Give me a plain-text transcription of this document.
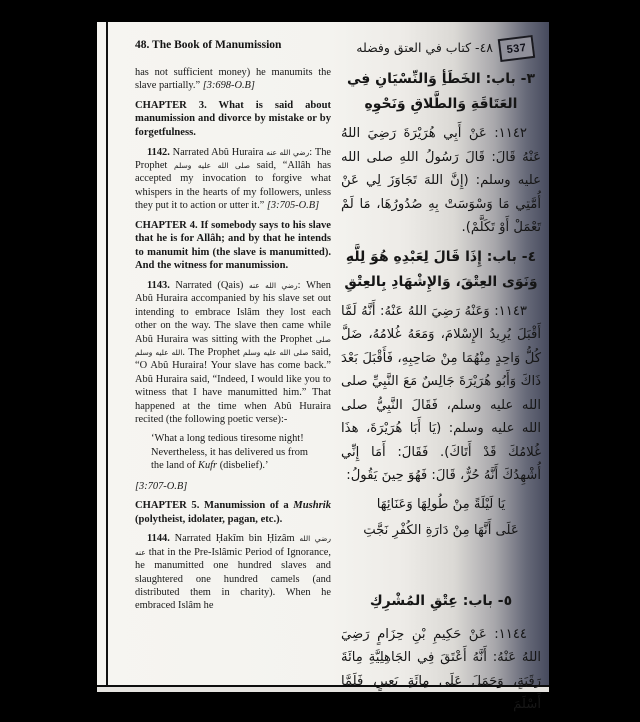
537
48. The Book of Manumission	٤٨- كتاب في العتق وفضله

has not sufficient money) he manumits the slave partially.” [3:698-O.B]

CHAPTER 3. What is said about manumission and divorce by mistake or by forgetfulness.

1142. Narrated Abû Huraira رضي الله عنه: The Prophet صلى الله عليه وسلم said, “Allâh has accepted my invocation to forgive what whispers in the hearts of my followers, unless they put it to action or utter it.” [3:705-O.B]

CHAPTER 4. If somebody says to his slave that he is for Allâh; and by that he intends to manumit him (the slave is manumitted). And the witness for manumission.

1143. Narrated (Qais) رضي الله عنه: When Abû Huraira accompanied by his slave set out intending to embrace Islâm they lost each other on the way. The slave then came while Abû Huraira was sitting with the Prophet صلى الله عليه وسلم. The Prophet صلى الله عليه وسلم said, “O Abû Huraira! Your slave has come back.” Abû Huraira said, “Indeed, I would like you to witness that I have manumitted him.” That happened at the time when Abû Huraira recited (the following poetic verse):-

‘What a long tedious tiresome night!
Nevertheless, it has delivered us from
the land of Kufr (disbelief).’

[3:707-O.B]

CHAPTER 5. Manumission of a Mushrik (polytheist, idolater, pagan, etc.).

1144. Narrated Ḥakîm bin Ḥizâm رضي الله عنه that in the Pre-Islâmic Period of Ignorance, he manumitted one hundred slaves and slaughtered one hundred camels (and distributed them in charity). When he embraced Islâm he

٣- باب: الخَطَأِ وَالنِّسْيَانِ فِي العَتَاقَةِ وَالطَّلاقِ وَنَحْوِهِ

١١٤٢: عَنْ أَبِي هُرَيْرَةَ رَضِيَ اللهُ عَنْهُ قَالَ: قَالَ رَسُولُ اللهِ صلى الله عليه وسلم: (إِنَّ اللهَ تَجَاوَزَ لِي عَنْ أُمَّتِي مَا وَسْوَسَتْ بِهِ صُدُورُهَا، مَا لَمْ تَعْمَلْ أَوْ تَكَلَّمْ).

٤- باب: إِذَا قَالَ لِعَبْدِهِ هُوَ لِلَّهِ وَنَوَى العِتْقَ، وَالإِشْهَادِ بِالعِتْقِ

١١٤٣: وَعَنْهُ رَضِيَ اللهُ عَنْهُ: أَنَّهُ لَمَّا أَقْبَلَ يُرِيدُ الإِسْلامَ، وَمَعَهُ غُلامُهُ، ضَلَّ كُلُّ وَاحِدٍ مِنْهُمَا مِنْ صَاحِبِهِ، فَأَقْبَلَ بَعْدَ ذَاكَ وَأَبُو هُرَيْرَةَ جَالِسٌ مَعَ النَّبِيِّ صلى الله عليه وسلم، فَقَالَ النَّبِيُّ صلى الله عليه وسلم: (يَا أَبَا هُرَيْرَةَ، هذَا غُلامُكَ قَدْ أَتَاكَ). فَقَالَ: أَمَا إِنِّي أُشْهِدُكَ أَنَّهُ حُرٌّ، قَالَ: فَهُوَ حِينَ يَقُولُ:

يَا لَيْلَةً مِنْ طُولِهَا وَعَنَائِهَا
عَلَى أَنَّهَا مِنْ دَارَةِ الكُفْرِ نَجَّتِ
٥- باب: عِتْقِ المُشْرِكِ

١١٤٤: عَنْ حَكِيمِ بْنِ حِزَامٍ رَضِيَ اللهُ عَنْهُ: أَنَّهُ أَعْتَقَ فِي الجَاهِلِيَّةِ مِائَةَ رَقَبَةٍ، وَحَمَلَ عَلَى مِائَةِ بَعِيرٍ، فَلَمَّا أَسْلَمَ
